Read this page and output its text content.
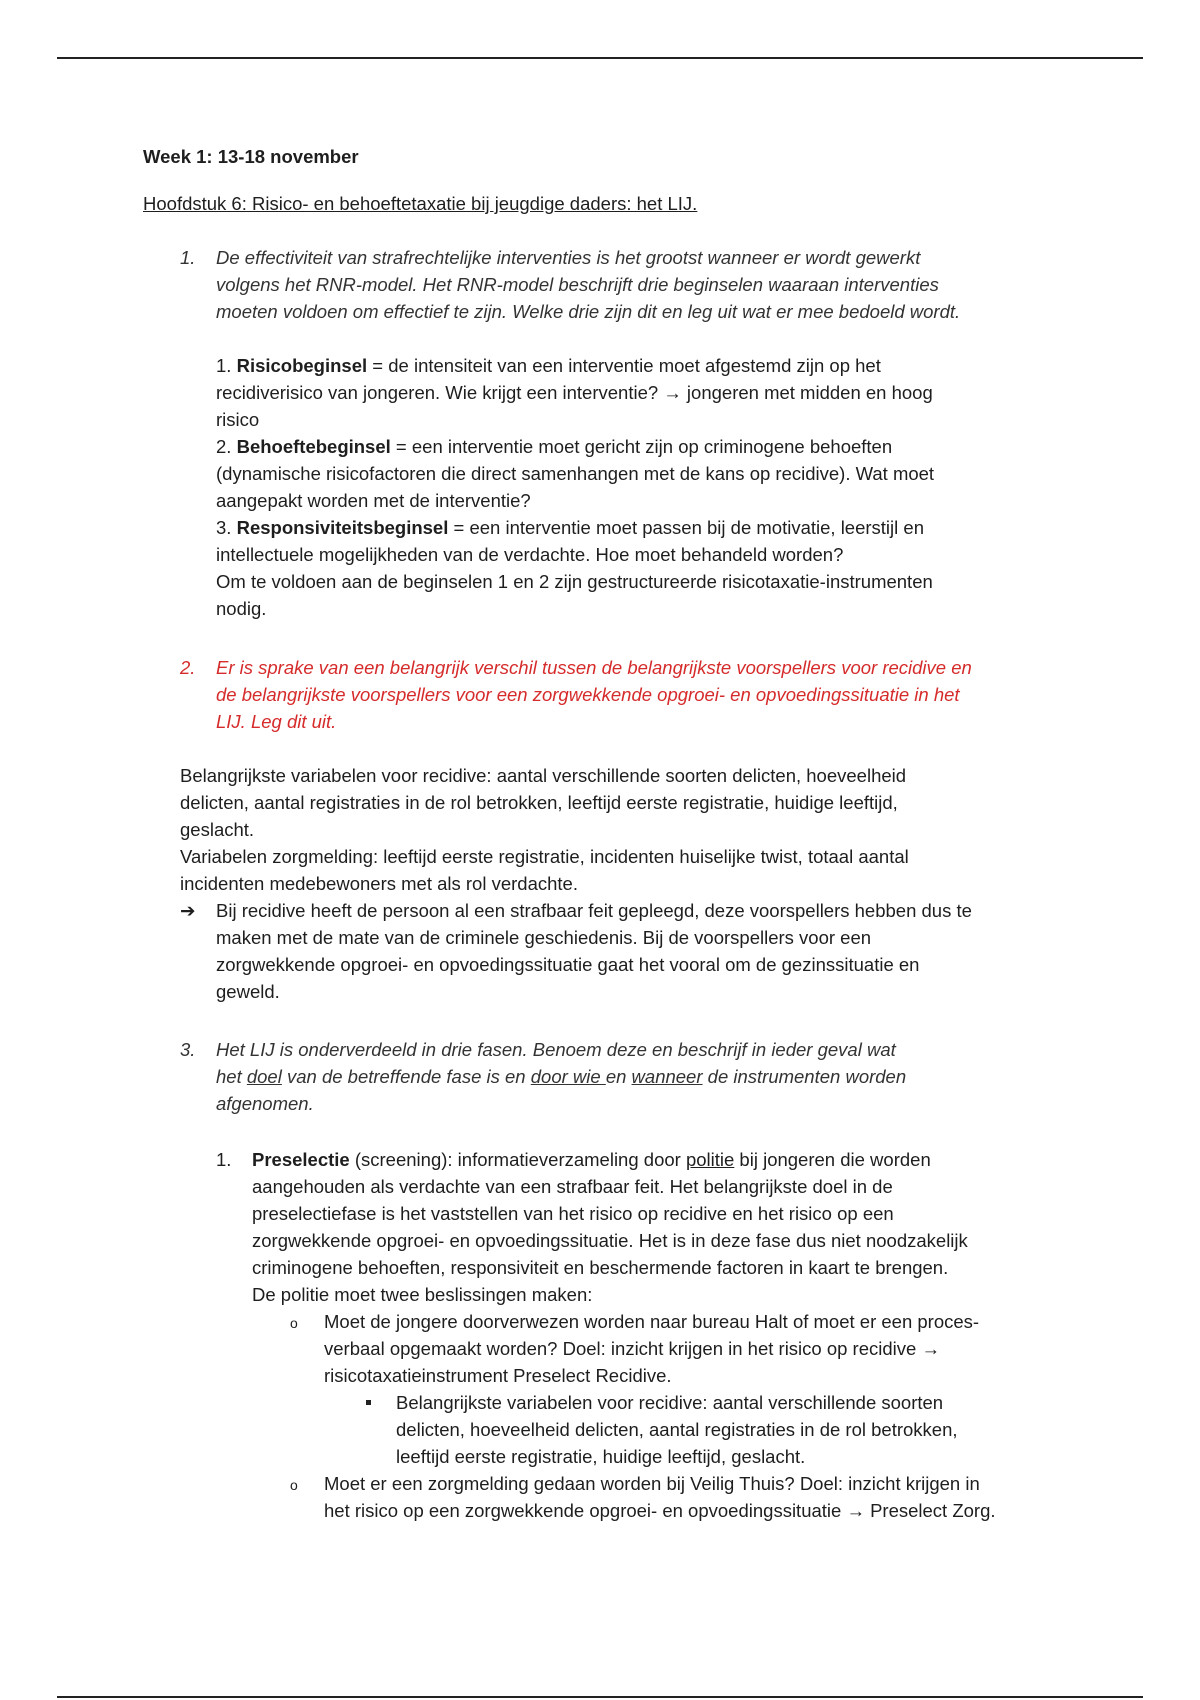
Week 1: 13-18 november
Hoofdstuk 6: Risico- en behoeftetaxatie bij jeugdige daders: het LIJ.
1. De effectiviteit van strafrechtelijke interventies is het grootst wanneer er wordt gewerkt
volgens het RNR-model. Het RNR-model beschrijft drie beginselen waaraan interventies
moeten voldoen om effectief te zijn. Welke drie zijn dit en leg uit wat er mee bedoeld wordt.
1. Risicobeginsel = de intensiteit van een interventie moet afgestemd zijn op het
recidiverisico van jongeren. Wie krijgt een interventie? → jongeren met midden en hoog
risico
2. Behoeftebeginsel = een interventie moet gericht zijn op criminogene behoeften
(dynamische risicofactoren die direct samenhangen met de kans op recidive). Wat moet
aangepakt worden met de interventie?
3. Responsiviteitsbeginsel = een interventie moet passen bij de motivatie, leerstijl en
intellectuele mogelijkheden van de verdachte. Hoe moet behandeld worden?
Om te voldoen aan de beginselen 1 en 2 zijn gestructureerde risicotaxatie-instrumenten
nodig.
2. Er is sprake van een belangrijk verschil tussen de belangrijkste voorspellers voor recidive en
de belangrijkste voorspellers voor een zorgwekkende opgroei- en opvoedingssituatie in het
LIJ. Leg dit uit.
Belangrijkste variabelen voor recidive: aantal verschillende soorten delicten, hoeveelheid
delicten, aantal registraties in de rol betrokken, leeftijd eerste registratie, huidige leeftijd,
geslacht.
Variabelen zorgmelding: leeftijd eerste registratie, incidenten huiselijke twist, totaal aantal
incidenten medebewoners met als rol verdachte.
➔ Bij recidive heeft de persoon al een strafbaar feit gepleegd, deze voorspellers hebben dus te
maken met de mate van de criminele geschiedenis. Bij de voorspellers voor een
zorgwekkende opgroei- en opvoedingssituatie gaat het vooral om de gezinssituatie en
geweld.
3. Het LIJ is onderverdeeld in drie fasen. Benoem deze en beschrijf in ieder geval wat
het doel van de betreffende fase is en door wie en wanneer de instrumenten worden
afgenomen.
1. Preselectie (screening): informatieverzameling door politie bij jongeren die worden
aangehouden als verdachte van een strafbaar feit. Het belangrijkste doel in de
preselectiefase is het vaststellen van het risico op recidive en het risico op een
zorgwekkende opgroei- en opvoedingssituatie. Het is in deze fase dus niet noodzakelijk
criminogene behoeften, responsiviteit en beschermende factoren in kaart te brengen.
De politie moet twee beslissingen maken:
o Moet de jongere doorverwezen worden naar bureau Halt of moet er een proces-
verbaal opgemaakt worden? Doel: inzicht krijgen in het risico op recidive →
risicotaxatieinstrument Preselect Recidive.
Belangrijkste variabelen voor recidive: aantal verschillende soorten
delicten, hoeveelheid delicten, aantal registraties in de rol betrokken,
leeftijd eerste registratie, huidige leeftijd, geslacht.
o Moet er een zorgmelding gedaan worden bij Veilig Thuis? Doel: inzicht krijgen in
het risico op een zorgwekkende opgroei- en opvoedingssituatie → Preselect Zorg.
